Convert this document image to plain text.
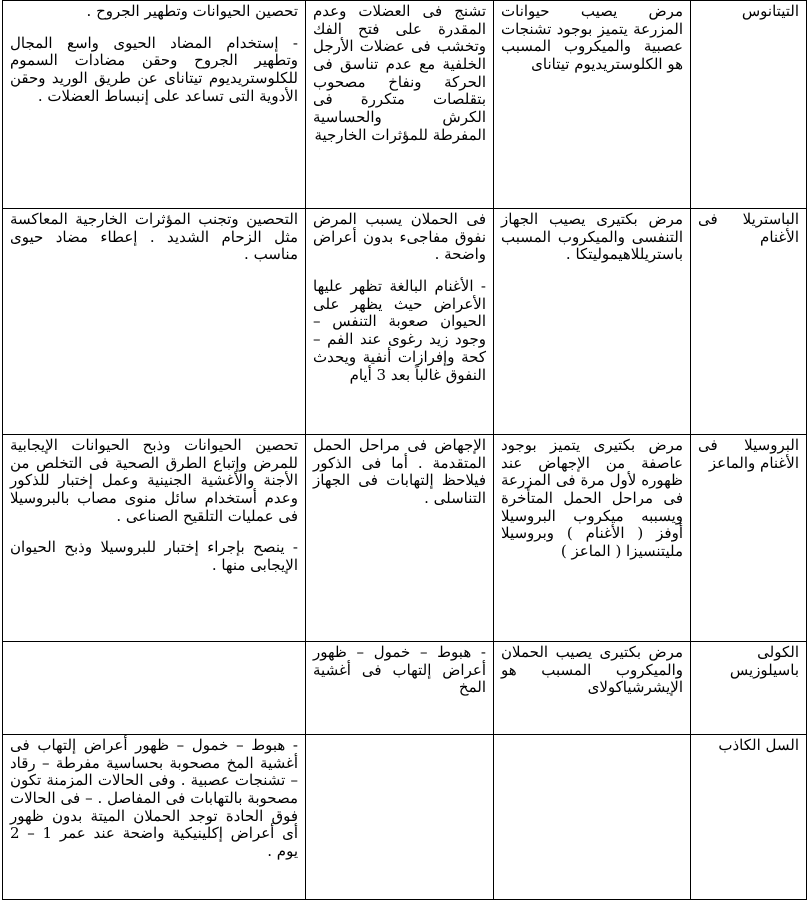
التيتانوس	مرض يصيب حيوانات المزرعة يتميز بوجود تشنجات عصبية والميكروب المسبب هو الكلوستريديوم تيتاناى	تشنج فى العضلات وعدم المقدرة على فتح الفك وتخشب فى عضلات الأرجل الخلفية مع عدم تناسق فى الحركة ونفاخ مصحوب بتقلصات متكررة فى الكرش والحساسية المفرطة للمؤثرات الخارجية	تحصين الحيوانات وتطهير الجروح .

- إستخدام المضاد الحيوى واسع المجال وتطهير الجروح وحقن مضادات السموم للكلوستريديوم تيتاناى عن طريق الوريد وحقن الأدوية التى تساعد على إنبساط العضلات .

الباستريلا فى الأغنام	مرض بكتيرى يصيب الجهاز التنفسى والميكروب المسبب باستريللاهيموليتكا .	فى الحملان يسبب المرض نفوق مفاجىء بدون أعراض واضحة .

- الأغنام البالغة تظهر عليها الأعراض حيث يظهر على الحيوان صعوبة التنفس – وجود زيد رغوى عند الفم – كحة وإفرازات أنفية ويحدث النفوق غالباً بعد 3 أيام	التحصين وتجنب المؤثرات الخارجية المعاكسة مثل الزحام الشديد . إعطاء مضاد حيوى مناسب .

البروسيلا فى الأغنام والماعز	مرض بكتيرى يتميز بوجود عاصفة من الإجهاض عند ظهوره لأول مرة فى المزرعة فى مراحل الحمل المتأخرة ويسببه ميكروب البروسيلا أوفز ( الأغنام ) وبروسيلا مليتنسيزا ( الماعز )	الإجهاض فى مراحل الحمل المتقدمة . أما فى الذكور فيلاحظ إلتهابات فى الجهاز التناسلى .	تحصين الحيوانات وذبح الحيوانات الإيجابية للمرض وإتباع الطرق الصحية فى التخلص من الأجنة والأغشية الجنينية وعمل إختبار للذكور وعدم أستخدام سائل منوى مصاب بالبروسيلا فى عمليات التلقيح الصناعى .

- ينصح بإجراء إختبار للبروسيلا وذبح الحيوان الإيجابى منها .

الكولى باسيلوزيس	مرض بكتيرى يصيب الحملان والميكروب المسبب هو الإيشرشياكولاى	- هبوط – خمول – ظهور أعراض إلتهاب فى أغشية المخ	

السل الكاذب			- هبوط – خمول – ظهور أعراض إلتهاب فى أغشية المخ مصحوبة بحساسية مفرطة – رقاد – تشنجات عصبية . وفى الحالات المزمنة تكون مصحوبة بالتهابات فى المفاصل . – فى الحالات فوق الحادة توجد الحملان الميتة بدون ظهور أى أعراض إكلينيكية واضحة عند عمر 1 – 2 يوم .
